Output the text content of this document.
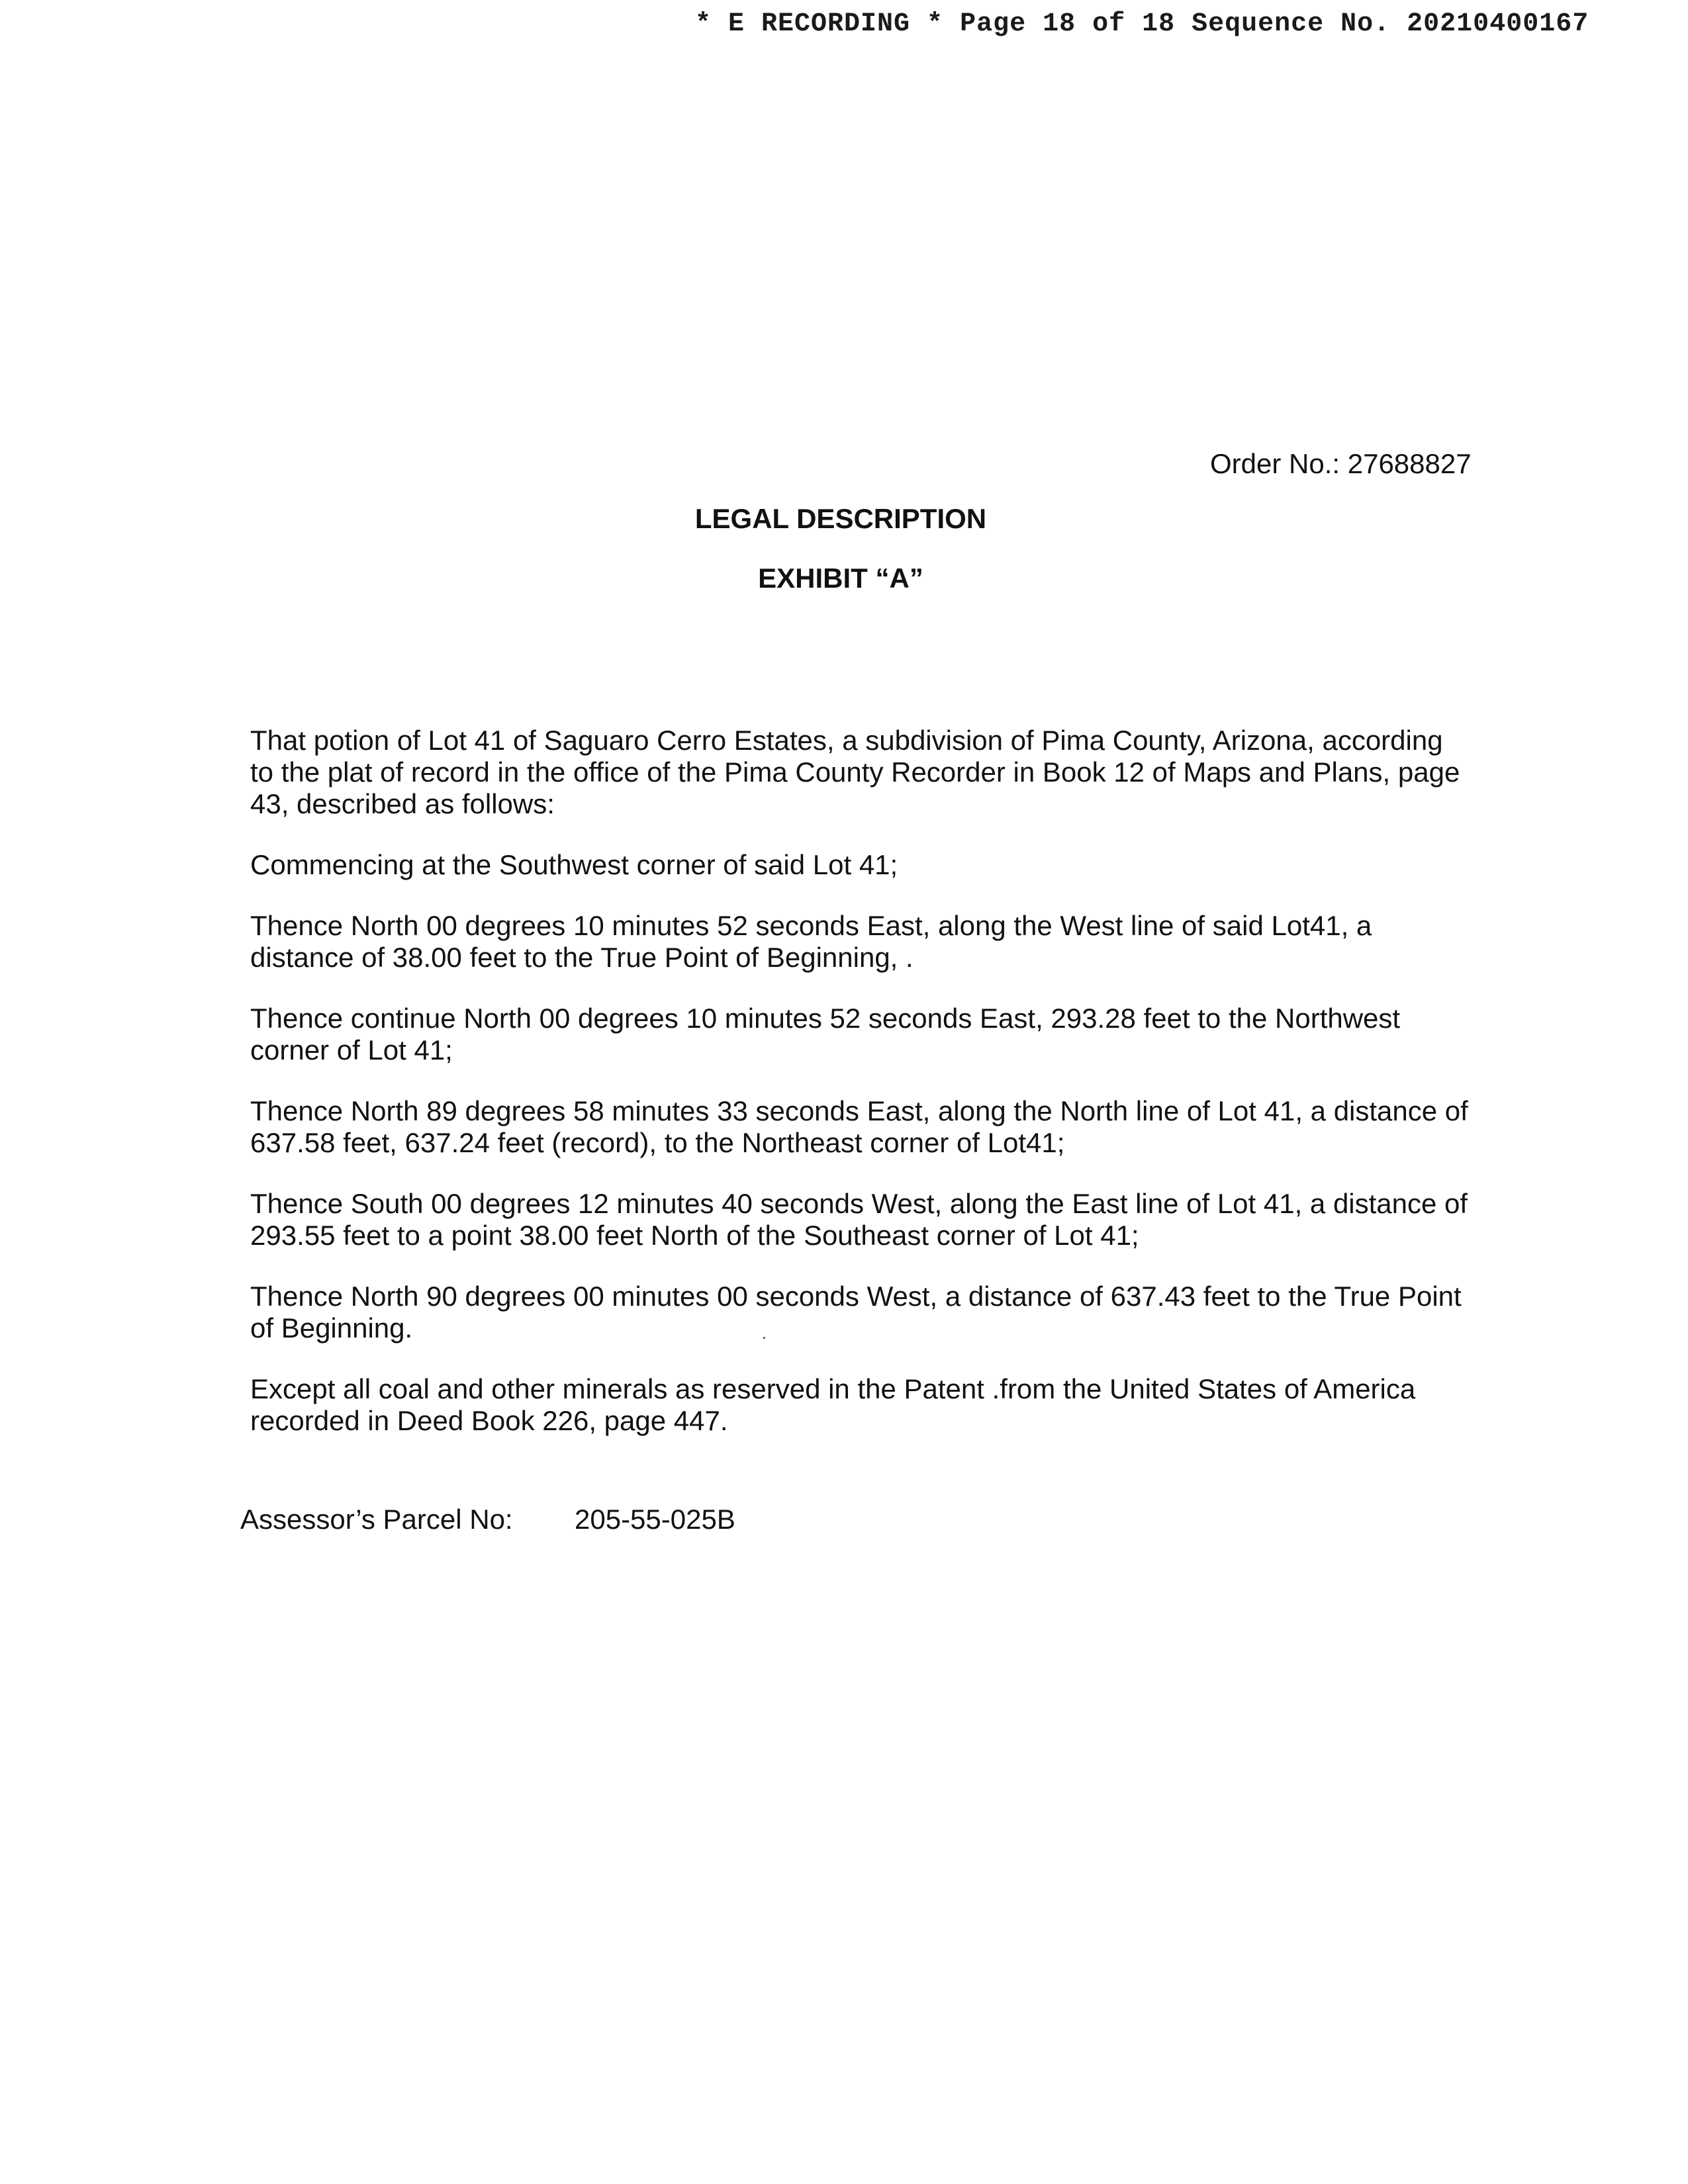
* E RECORDING * Page 18 of 18 Sequence No. 20210400167
Order No.: 27688827
LEGAL DESCRIPTION
EXHIBIT “A”

That potion of Lot 41 of Saguaro Cerro Estates, a subdivision of Pima County, Arizona, according to the plat of record in the office of the Pima County Recorder in Book 12 of Maps and Plans, page 43, described as follows:

Commencing at the Southwest corner of said Lot 41;

Thence North 00 degrees 10 minutes 52 seconds East, along the West line of said Lot41, a distance of 38.00 feet to the True Point of Beginning, .

Thence continue North 00 degrees 10 minutes 52 seconds East, 293.28 feet to the Northwest corner of Lot 41;

Thence North 89 degrees 58 minutes 33 seconds East, along the North line of Lot 41, a distance of 637.58 feet, 637.24 feet (record), to the Northeast corner of Lot41;

Thence South 00 degrees 12 minutes 40 seconds West, along the East line of Lot 41, a distance of 293.55 feet to a point 38.00 feet North of the Southeast corner of Lot 41;

Thence North 90 degrees 00 minutes 00 seconds West, a distance of 637.43 feet to the True Point of Beginning.

Except all coal and other minerals as reserved in the Patent .from the United States of America recorded in Deed Book 226, page 447.

Assessor’s Parcel No: 205-55-025B
